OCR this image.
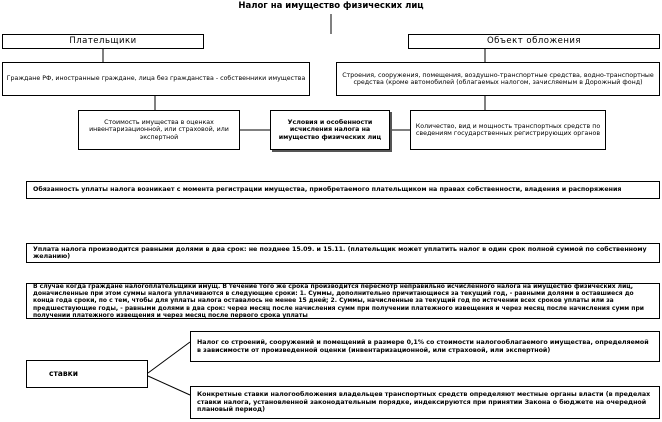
Налог на имущество физических лиц
Плательщики	Объект обложения
Граждане РФ, иностранные граждане, лица без гражданства - собственники имущества
Строения, сооружения, помещения, воздушно-транспортные средства, водно-транспортные средства (кроме автомобилей (облагаемых налогом, зачисляемым в Дорожный фонд)
Стоимость имущества в оценках инвентаризационной, или страховой, или экспертной
Условия и особенности исчисления налога на имущество физических лиц
Количество, вид и мощность транспортных средств по сведениям государственных регистрирующих органов
Обязанность уплаты налога возникает с момента регистрации имущества, приобретаемого плательщиком на правах собственности, владения и распоряжения
Уплата налога производится равными долями в два срок: не позднее 15.09. и 15.11. (плательщик может уплатить налог в один срок полной суммой по собственному желанию)
В случае когда граждане налогоплательщики имущ. В течение того же срока производится пересмотр неправильно исчисленного налога на имущество физических лиц, доначисленные при этом суммы налога уплачиваются в следующие сроки: 1. Суммы, дополнительно причитающиеся за текущий год, - равными долями в оставшиеся до конца года сроки, по с тем, чтобы для уплаты налога оставалось не менее 15 дней; 2. Суммы, начисленные за текущий год по истечении всех сроков уплаты или за предшествующие годы, - равными долями в два срок: через месяц после начисления сумм при получении платежного извещения и через месяц после начисления сумм при получении платежного извещения и через месяц после первого срока уплаты
ставки
Налог со строений, сооружений и помещений в размере 0,1% со стоимости налогооблагаемого имущества, определяемой в зависимости от произведенной оценки (инвентаризационной, или страховой, или экспертной)
Конкретные ставки налогообложения владельцев транспортных средств определяют местные органы власти (в пределах ставки налога, установленной законодательным порядке, индексируются при принятии Закона о бюджете на очередной плановый период)
